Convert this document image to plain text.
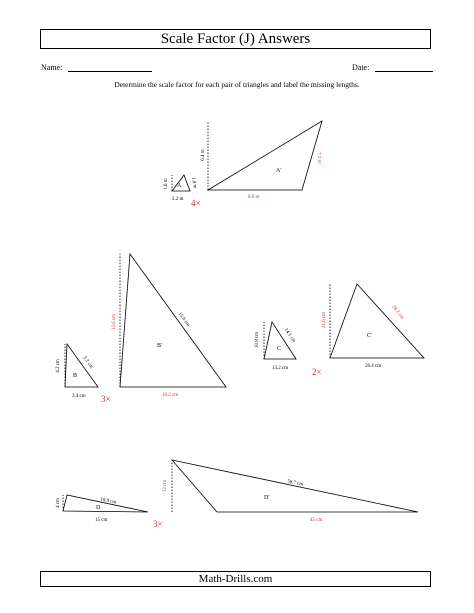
Scale Factor (J) Answers
Name:	Date:
Determine the scale factor for each pair of triangles and label the missing lengths.
A
1.6 m
2.2 m
1.8 m
A'
6.4 m
8.8 m
7.2 m
4×
B
4.2 cm
3.4 cm
5.2 cm
B'
12.6 cm
10.2 cm
15.6 cm
3×
C
10.8 cm
13.2 cm
14.1 cm	C'
21.6 cm
26.4 cm
28.2 cm
2×
D
4 cm
15 cm
18.9 cm	D'
12 cm
45 cm
56.7 cm
3×
Math-Drills.com
